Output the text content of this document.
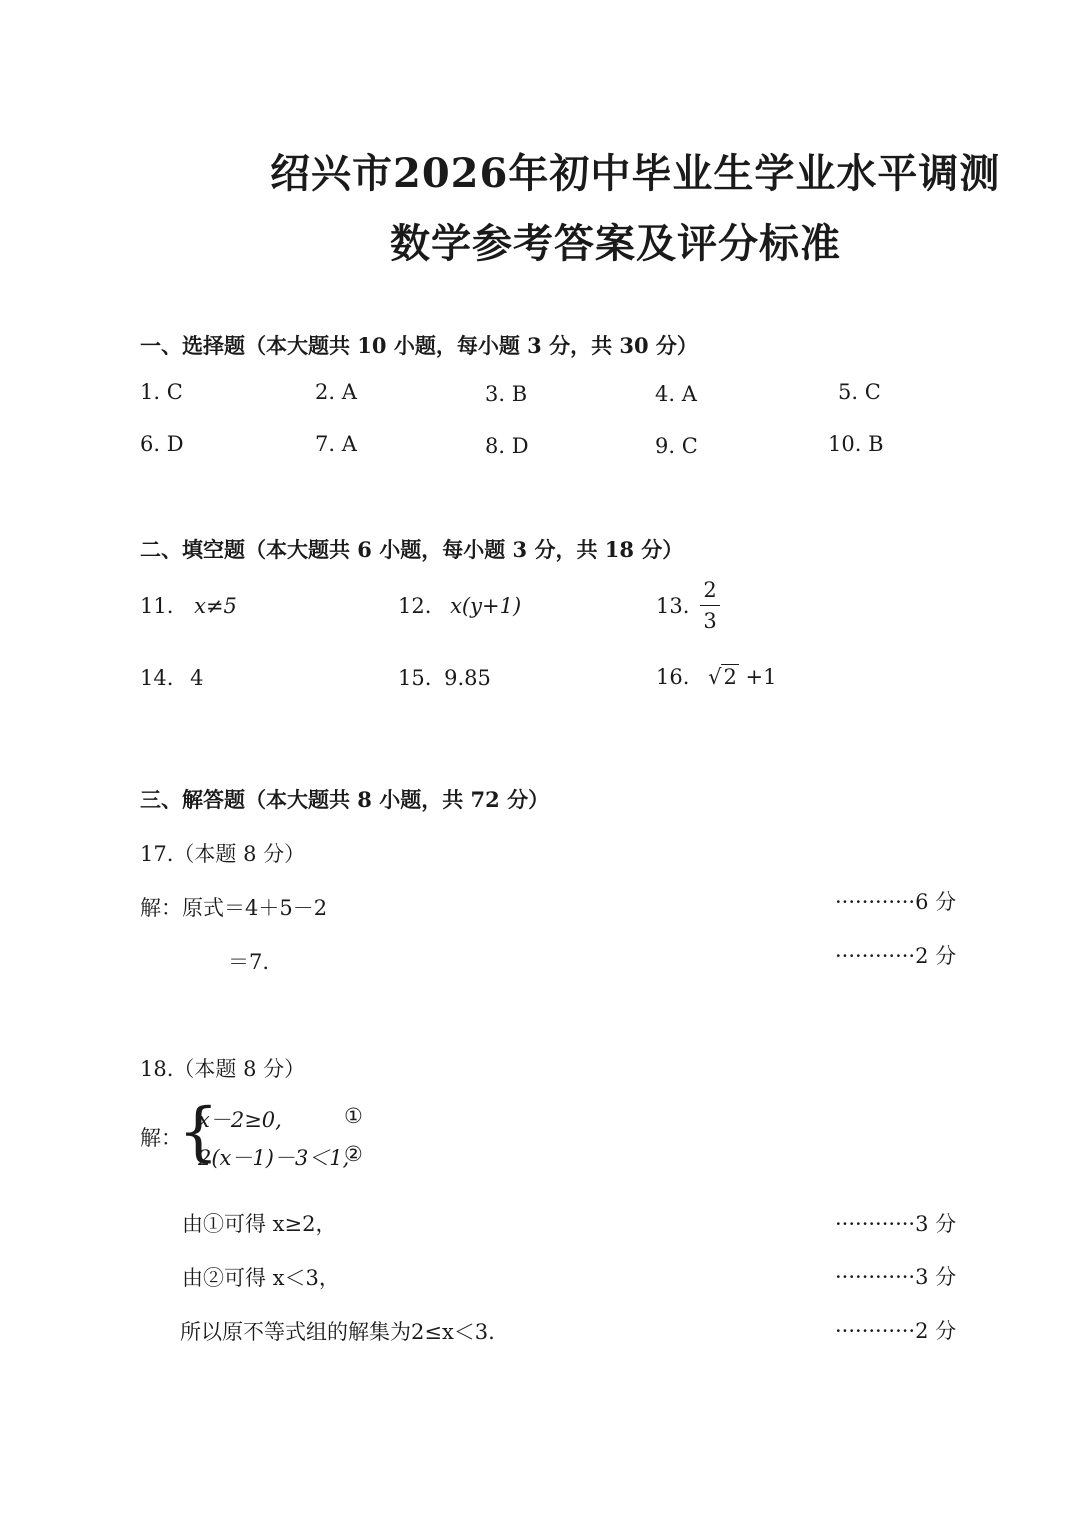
绍兴市2026年初中毕业生学业水平调测
数学参考答案及评分标准
一、选择题（本大题共 10 小题，每小题 3 分，共 30 分）
1. C	2. A	3. B	4. A	5. C
6. D	7. A	8. D	9. C	10. B
二、填空题（本大题共 6 小题，每小题 3 分，共 18 分）
11. x≠5	12. x(y+1)	13.
2
3
14. 4	15. 9.85	16. √2 +1
三、解答题（本大题共 8 小题，共 72 分）
17.（本题 8 分）
解：原式＝4＋5－2	············6 分
＝7.	············2 分
18.（本题 8 分）
解：
{
x－2≥0,	①
2(x－1)－3＜1,
②
由①可得 x≥2，	············3 分
由②可得 x＜3，	············3 分
所以原不等式组的解集为2≤x＜3.	············2 分
